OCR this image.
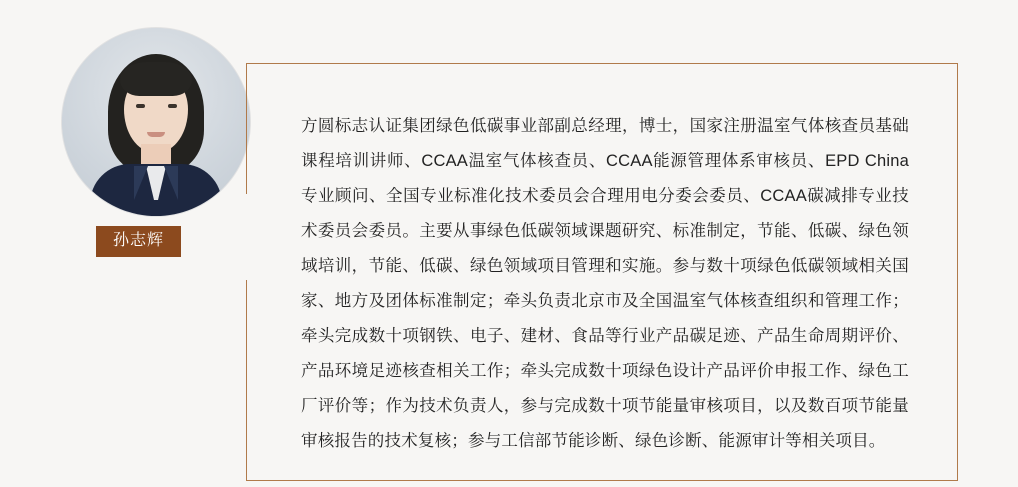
孙志辉
方圆标志认证集团绿色低碳事业部副总经理，博士，国家注册温室气体核查员基础课程培训讲师、CCAA温室气体核查员、CCAA能源管理体系审核员、EPD China专业顾问、全国专业标准化技术委员会合理用电分委会委员、CCAA碳减排专业技术委员会委员。主要从事绿色低碳领域课题研究、标准制定，节能、低碳、绿色领域培训，节能、低碳、绿色领域项目管理和实施。参与数十项绿色低碳领域相关国家、地方及团体标准制定；牵头负责北京市及全国温室气体核查组织和管理工作；牵头完成数十项钢铁、电子、建材、食品等行业产品碳足迹、产品生命周期评价、产品环境足迹核查相关工作；牵头完成数十项绿色设计产品评价申报工作、绿色工厂评价等；作为技术负责人，参与完成数十项节能量审核项目，以及数百项节能量审核报告的技术复核；参与工信部节能诊断、绿色诊断、能源审计等相关项目。
